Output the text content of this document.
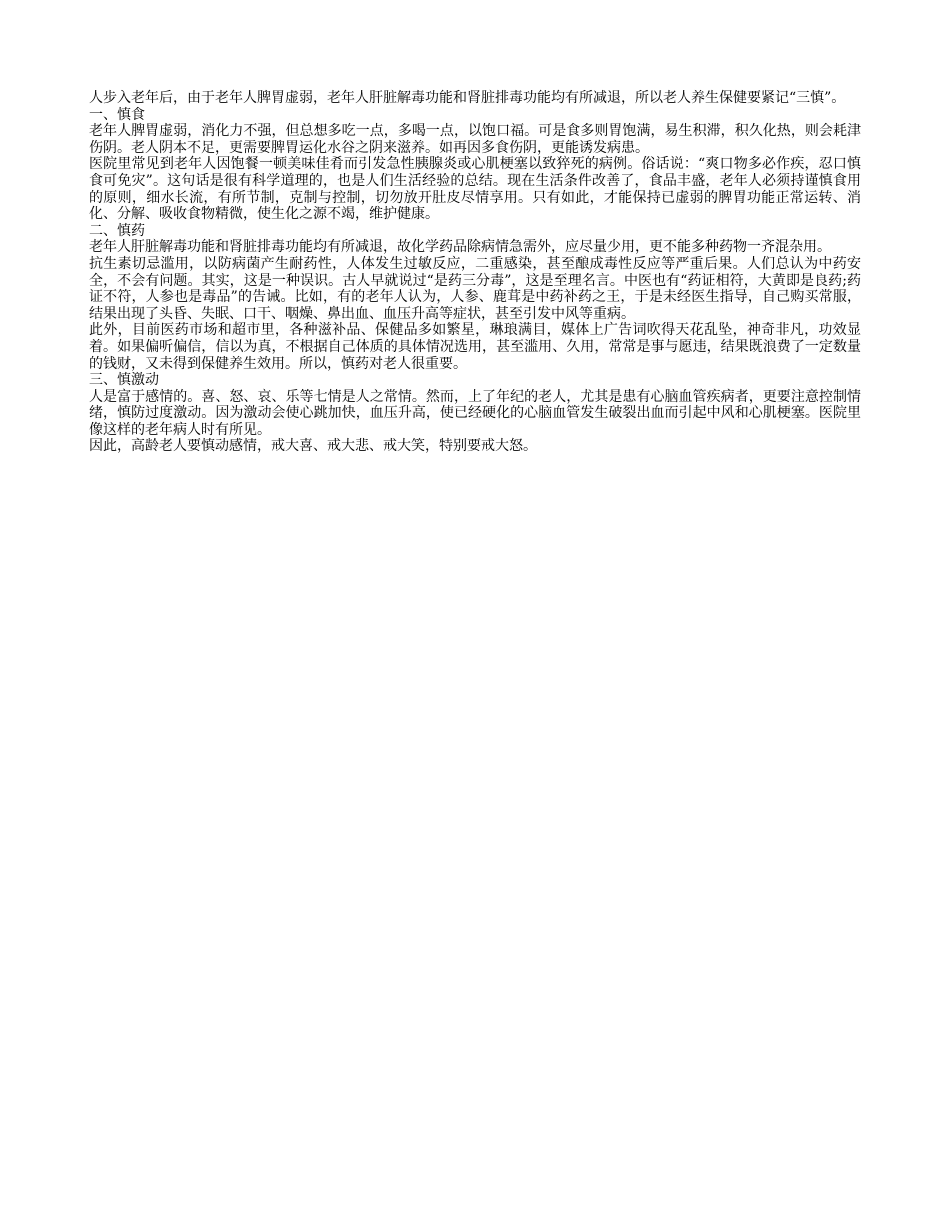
人步入老年后，由于老年人脾胃虚弱，老年人肝脏解毒功能和肾脏排毒功能均有所减退，所以老人养生保健要紧记“三慎”。

一、慎食

老年人脾胃虚弱，消化力不强，但总想多吃一点，多喝一点，以饱口福。可是食多则胃饱满，易生积滞，积久化热，则会耗津伤阴。老人阴本不足，更需要脾胃运化水谷之阴来滋养。如再因多食伤阴，更能诱发病患。

医院里常见到老年人因饱餐一顿美味佳肴而引发急性胰腺炎或心肌梗塞以致猝死的病例。俗话说：“爽口物多必作疾，忍口慎食可免灾”。这句话是很有科学道理的，也是人们生活经验的总结。现在生活条件改善了，食品丰盛，老年人必须持谨慎食用的原则，细水长流，有所节制，克制与控制，切勿放开肚皮尽情享用。只有如此，才能保持已虚弱的脾胃功能正常运转、消化、分解、吸收食物精微，使生化之源不竭，维护健康。

二、慎药

老年人肝脏解毒功能和肾脏排毒功能均有所减退，故化学药品除病情急需外，应尽量少用，更不能多种药物一齐混杂用。

抗生素切忌滥用，以防病菌产生耐药性，人体发生过敏反应，二重感染，甚至酿成毒性反应等严重后果。人们总认为中药安全，不会有问题。其实，这是一种误识。古人早就说过“是药三分毒”，这是至理名言。中医也有“药证相符，大黄即是良药;药证不符，人参也是毒品”的告诫。比如，有的老年人认为，人参、鹿茸是中药补药之王，于是未经医生指导，自己购买常服，结果出现了头昏、失眠、口干、咽燥、鼻出血、血压升高等症状，甚至引发中风等重病。

此外，目前医药市场和超市里，各种滋补品、保健品多如繁星，琳琅满目，媒体上广告词吹得天花乱坠，神奇非凡，功效显着。如果偏听偏信，信以为真，不根据自己体质的具体情况选用，甚至滥用、久用，常常是事与愿违，结果既浪费了一定数量的钱财，又未得到保健养生效用。所以，慎药对老人很重要。

三、慎激动

人是富于感情的。喜、怒、哀、乐等七情是人之常情。然而，上了年纪的老人，尤其是患有心脑血管疾病者，更要注意控制情绪，慎防过度激动。因为激动会使心跳加快，血压升高，使已经硬化的心脑血管发生破裂出血而引起中风和心肌梗塞。医院里像这样的老年病人时有所见。

因此，高龄老人要慎动感情，戒大喜、戒大悲、戒大笑，特别要戒大怒。
